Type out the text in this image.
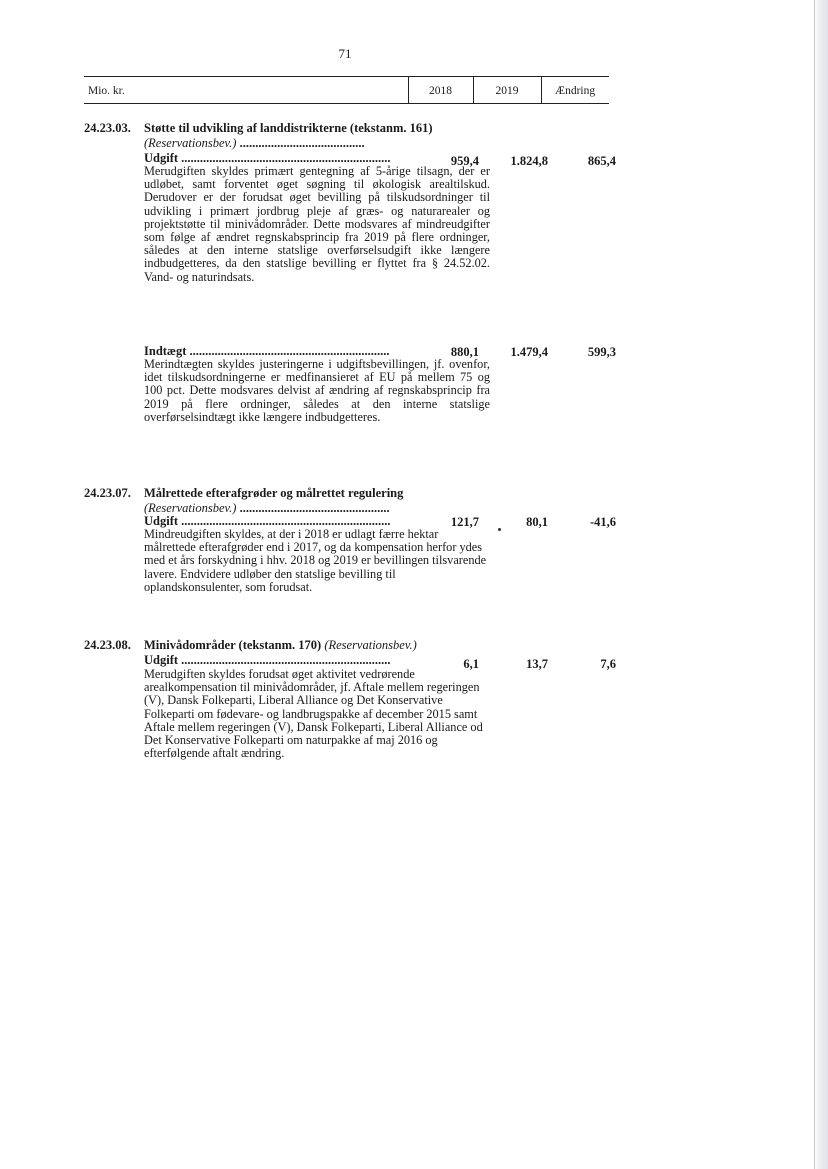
71
Mio. kr.	2018	2019	Ændring
24.23.03. Støtte til udvikling af landdistrikterne (tekstanm. 161) (Reservationsbev.) ........................................
Udgift ...................................................................	959,4	1.824,8	865,4
Merudgiften skyldes primært gentegning af 5-årige tilsagn, der er udløbet, samt forventet øget søgning til økologisk arealtilskud. Derudover er der forudsat øget bevilling på tilskudsordninger til udvikling i primært jordbrug pleje af græs- og naturarealer og projektstøtte til minivådområder. Dette modsvares af mindreudgifter som følge af ændret regnskabsprincip fra 2019 på flere ordninger, således at den interne statslige overførselsudgift ikke længere indbudgetteres, da den statslige bevilling er flyttet fra § 24.52.02. Vand- og naturindsats.
Indtægt ................................................................	880,1	1.479,4	599,3
Merindtægten skyldes justeringerne i udgiftsbevillingen, jf. ovenfor, idet tilskudsordningerne er medfinansieret af EU på mellem 75 og 100 pct. Dette modsvares delvist af ændring af regnskabsprincip fra 2019 på flere ordninger, således at den interne statslige overførselsindtægt ikke længere indbudgetteres.
24.23.07. Målrettede efterafgrøder og målrettet regulering
(Reservationsbev.) ................................................
Udgift ...................................................................	121,7	80,1	-41,6
Mindreudgiften skyldes, at der i 2018 er udlagt færre hektar målrettede efterafgrøder end i 2017, og da kompensation herfor ydes med et års forskydning i hhv. 2018 og 2019 er bevillingen tilsvarende lavere. Endvidere udløber den statslige bevilling til oplandskonsulenter, som forudsat.
24.23.08. Minivådområder (tekstanm. 170) (Reservationsbev.)
Udgift ...................................................................	6,1	13,7	7,6
Merudgiften skyldes forudsat øget aktivitet vedrørende arealkompensation til minivådområder, jf. Aftale mellem regeringen (V), Dansk Folkeparti, Liberal Alliance og Det Konservative Folkeparti om fødevare- og landbrugspakke af december 2015 samt Aftale mellem regeringen (V), Dansk Folkeparti, Liberal Alliance od Det Konservative Folkeparti om naturpakke af maj 2016 og efterfølgende aftalt ændring.
